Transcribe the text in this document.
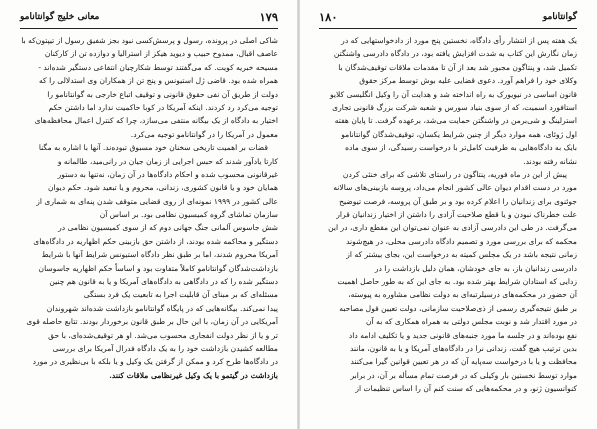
۱۷۹
معانی خلیج گوانتانامو
شاکی اصلی در پرونده، رسول و پرسش‌کسی نبود بجز شفیق رسول از تیپتون‌که با
عاصف اقبال، ممدوح حبیب و دیوید هیکز از استرالیا و دوازده تن از کارکنان
مسیحه خبریه کویت. که می‌گفتند توسط شکارچیان انتفاعی دستگیر شده‌اند -
همراه شده بود. قاضی ژل استیونس و پنج تن از همکاران وی استدلالی را که
دولت از طریق آن نفی حقوق قانونی و توقیف اتباع خارجی به گوانتانامو را
توجیه می‌کرد رد کردند. اینکه آمریکا در کوبا حاکمیت ندارد اما داشتن حکم
اختیار به دادگاه از یک بیگانه منتفی می‌سازد، چرا که کنترل اعمال محافظه‌های
معمول در آمریکا را در گوانتانامو توجیه می‌کرد.
قضات بر اهمیت تاریخی سخنان خود مسبوق تبوده‌ند. آنها با اشاره به مگنا
کارتا یادآور شدند که حبس اجرایی از زمان جیان در رانی‌مید، طالمانه و
غیرقانونی محسوب شده و احکام دادگاه‌ها در آن زمان، نه‌تنها به دستور
همایان خود و یا قانون کشوری، زندانی، محروم و یا تبعید شود. حکم دیوان
عالی کشور در ۱۹۹۹ نمونه‌ای از روی قضایی متوقف شدن پنه‌ای به شماری از
سازمان تماشای گروه کمیسیون نظامی بود. بر اساس آن
شش جاسوس آلمانی جنگ جهانی دوم که از سوی کمیسیون نظامی در
دستگیر و محاکمه شده بودند، از داشتن حق بازبینی حکم اظهاریه در دادگاه‌های
آمریکا محروم شدند، اما بر طبق نظر دادگاه استیونس شرایط آنها با شرایط
بازداشت‌شدگان گوانتانامو کاملاً متفاوت بود و اساساً حکم اظهاریه جاسوسان
دستگیر شده را که در دادگاهی به دادگاه‌های آمریکا و یا به قانون هم چنین
مسئله‌ای که بر مبنای آن قابلیت اجرا به تابعیت یک فرد بستگی
پیدا نمی‌کند. بیگانه‌هایی که در پایگاه گوانتانامو بازداشت شده‌اند شهروندان
آمریکایی در آن زمان، با این حال بر طبق قانون برخوردار بودند. تتابع حاصله قوی
تر و یا از نظر دولت انفجاری محسوب می‌شد. او هر توقیف‌شده‌ای، با حق
مطالعه کشیدن بازداشت خود را به یک دادگاه فدرال آمریکا برای بررسی
در دادگاه‌ها طرح کرد و ممکن از گرفتن یک وکیل و یا بلکه با بی‌نظیری در مورد
بازداشت در گیتمو با یک وکیل غیرنظامی ملاقات کنند.
گوانتانامو
۱۸۰
یک هفته پس از انتشار رأی دادگاه، نخستین پنج مورد از دادخواستهایی که در
زمان نگارش این کتاب به شدت افزایش یافته بود، در دادگاه دادرسی واشنگتن
تکمیل شد، و پنتاگون مجبور شد بعد از آن تا مقدمات ملاقات توقیف‌شدگان با
وکلای خود را فراهم آورد. دعوی قضایی علیه بوش توسط مرکز حقوق
قانون اساسی در نیویورک به راه انداخته شد و هدایت آن را وکیل انگلیسی کلایو
استافورد اسمیت، که از سوی بنیاد سورس و شعبه شرکت بزرگ قانونی تجاری
استرلینگ و شی‌برمن در واشنگتن حمایت می‌شد، برعهده گرفت. تا پایان هفته
اول ژوئای، همه موارد دیگر از چنین شرایط یکسان، توقیف‌شدگان گوانتانامو
بایک به دادگاه‌هایی به طرفیت کامل‌تر با درخواست رسیدگی، از سوی ماده
نشانه رفته بودند.
پیش از این در ماه فوریه، پنتاگون در راستای تلاشی که برای خنثی کردن
مورد در دست اقدام دیوان عالی کشور انجام می‌داد، پروسه بازبینی‌های سالانه
جوئنوی برای زندانیان را اعلام کرده بود و بر طبق آن پروسه، فرصت تیوضیح
علت خطرناک نبودن و یا قطع صلاحیت آزادی را داشتن از اختیار زندانیان قرار
می‌گرفت. در طی این دادرسی آزادی به عنوان نمی‌توان این مقطع داری، در این
محکمه که برای بررسی مورد و تصمیم دادگاه دادرسی محلی، در هیچ‌شوند
زمانی نتیجه باشد در یک مجلس کمیته به درخواست این، بجای بیشتر که از
دادرسی زندانیان باز، به جای خودشان، همان دلیل بازداشت را در
زدایی که استادان شرایط بهتر شده بود. به جای این که به طور حاصل اهمیت
آن حضور در محکمه‌های درسیلرتبه‌ای به دولت نظامی مشاوره به پیوسته،
بر طبق نتیجه‌گیری رسمی از ذی‌صلاحیت سازمانی، دولت تعیین قول مصاحبه
در مورد اقتدار شد و نوبت مجلس دولتی به همراه همکاری که به آن
نفع بوده‌اند و در جلسه ما مورد جنبه‌های قانونی جدید و یا تکلیف ادامه داد
بدین ترتیب هیچ گفت، زندانی نرا در دادگاه‌های آمریکا و یا به قانون، مانند
محافظت و یا با درخواست سه‌پایه آن که در هر تعیین قوانین گیرا می‌کنند
موارد توسط نخستین بار وکیلی که در فرصت تمام مسأله بر آن، در برابر
کنوانسیون ژنو، و در محکمه‌هایی که سنت کنم آن را اساس تنظیمات از
